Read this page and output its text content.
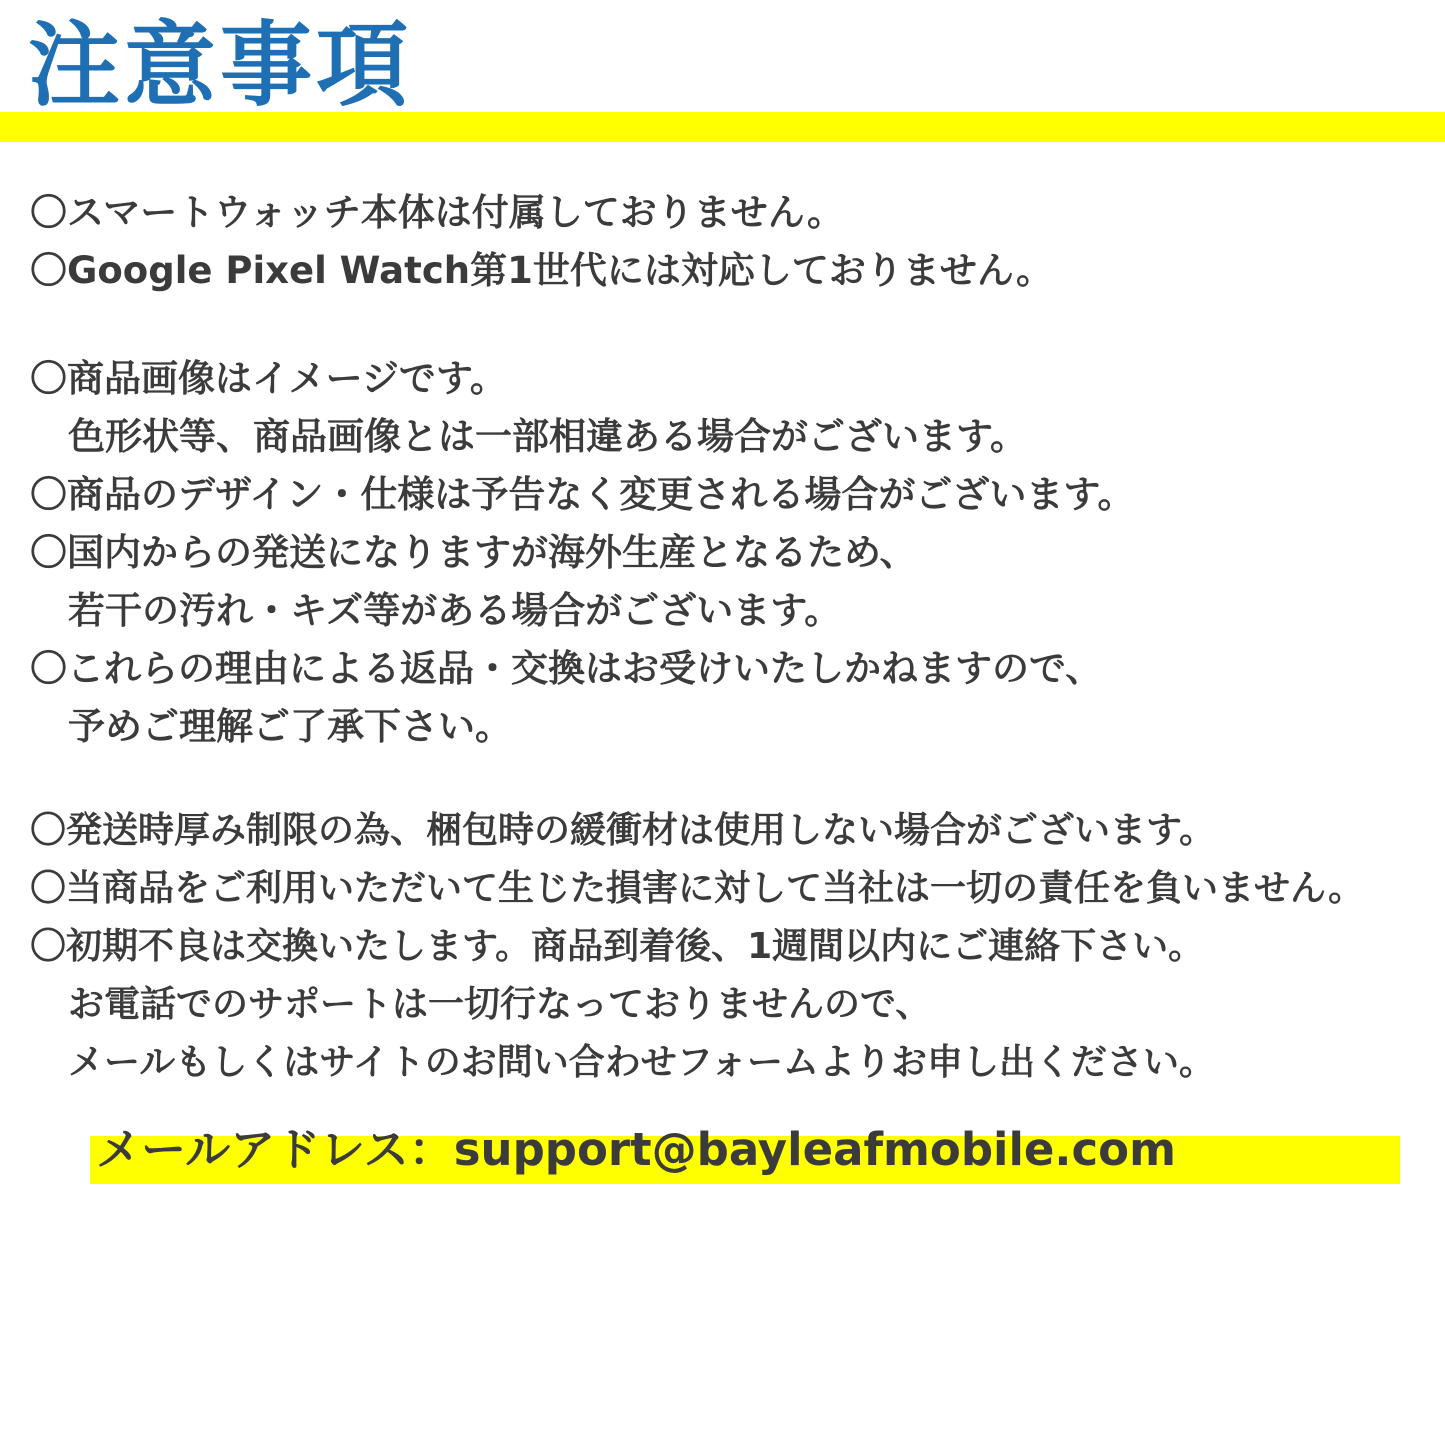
注意事項
〇スマートウォッチ本体は付属しておりません。
〇Google Pixel Watch第1世代には対応しておりません。
〇商品画像はイメージです。
色形状等、商品画像とは一部相違ある場合がございます。
〇商品のデザイン・仕様は予告なく変更される場合がございます。
〇国内からの発送になりますが海外生産となるため、
若干の汚れ・キズ等がある場合がございます。
〇これらの理由による返品・交換はお受けいたしかねますので、
予めご理解ご了承下さい。
〇発送時厚み制限の為、梱包時の緩衝材は使用しない場合がございます。
〇当商品をご利用いただいて生じた損害に対して当社は一切の責任を負いません。
〇初期不良は交換いたします。商品到着後、1週間以内にご連絡下さい。
お電話でのサポートは一切行なっておりませんので、
メールもしくはサイトのお問い合わせフォームよりお申し出ください。
メールアドレス：support@bayleafmobile.com
